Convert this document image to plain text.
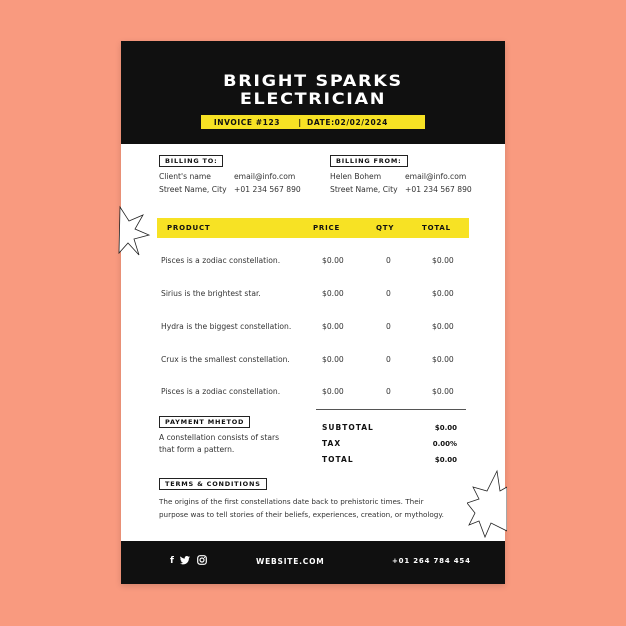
BRIGHT SPARKS
ELECTRICIAN
INVOICE #123	| DATE:02/02/2024
BILLING TO:
Client's name	email@info.com
Street Name, City +01 234 567 890
BILLING FROM:
Helen Bohem	email@info.com
Street Name, City +01 234 567 890
PRODUCT	PRICE	QTY	TOTAL
Pisces is a zodiac constellation.	$0.00	0	$0.00
Sirius is the brightest star.	$0.00	0	$0.00
Hydra is the biggest constellation.	$0.00	0	$0.00
Crux is the smallest constellation.	$0.00	0	$0.00
Pisces is a zodiac constellation.	$0.00	0	$0.00
PAYMENT MHETOD
A constellation consists of stars
that form a pattern.
SUBTOTAL	$0.00
TAX	0.00%
TOTAL	$0.00
TERMS & CONDITIONS
The origins of the first constellations date back to prehistoric times. Their
purpose was to tell stories of their beliefs, experiences, creation, or mythology.
f	WEBSITE.COM	+01 264 784 454
